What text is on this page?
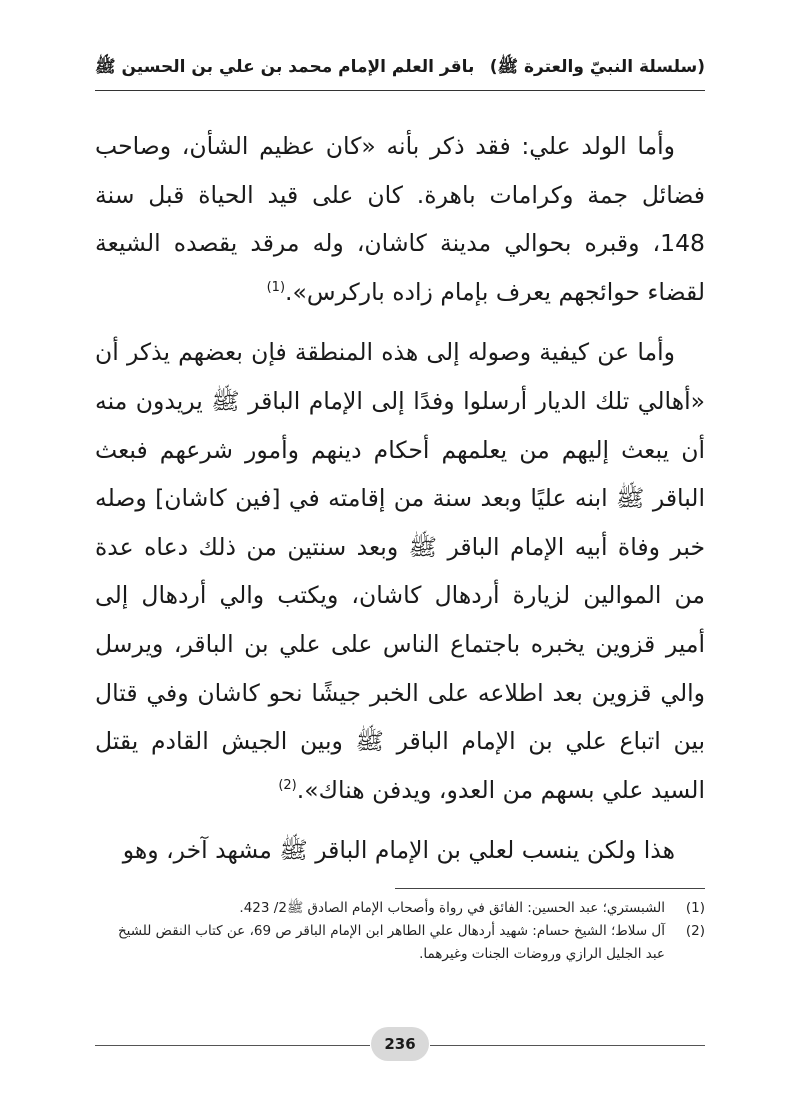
(سلسلة النبيّ والعترة ﷺ)
باقر العلم الإمام محمد بن علي بن الحسين ﷺ

وأما الولد علي: فقد ذكر بأنه «كان عظيم الشأن، وصاحب فضائل جمة وكرامات باهرة. كان على قيد الحياة قبل سنة 148، وقبره بحوالي مدينة كاشان، وله مرقد يقصده الشيعة لقضاء حوائجهم يعرف بإمام زاده باركرس».$^{(1)}$

وأما عن كيفية وصوله إلى هذه المنطقة فإن بعضهم يذكر أن «أهالي تلك الديار أرسلوا وفدًا إلى الإمام الباقر ﷺ يريدون منه أن يبعث إليهم من يعلمهم أحكام دينهم وأمور شرعهم فبعث الباقر ﷺ ابنه عليًا وبعد سنة من إقامته في [فين كاشان] وصله خبر وفاة أبيه الإمام الباقر ﷺ وبعد سنتين من ذلك دعاه عدة من الموالين لزيارة أردهال كاشان، ويكتب والي أردهال إلى أمير قزوين يخبره باجتماع الناس على علي بن الباقر، ويرسل والي قزوين بعد اطلاعه على الخبر جيشًا نحو كاشان وفي قتال بين اتباع علي بن الإمام الباقر ﷺ وبين الجيش القادم يقتل السيد علي بسهم من العدو، ويدفن هناك».$^{(2)}$

هذا ولكن ينسب لعلي بن الإمام الباقر ﷺ مشهد آخر، وهو

(1)
الشبستري؛ عبد الحسين: الفائق في رواة وأصحاب الإمام الصادق ﷺ2/ 423.
(2)
آل سلاط؛ الشيخ حسام: شهيد أردهال علي الطاهر ابن الإمام الباقر ص 69، عن كتاب النقض للشيخ عبد الجليل الرازي وروضات الجنات وغيرهما.
236
